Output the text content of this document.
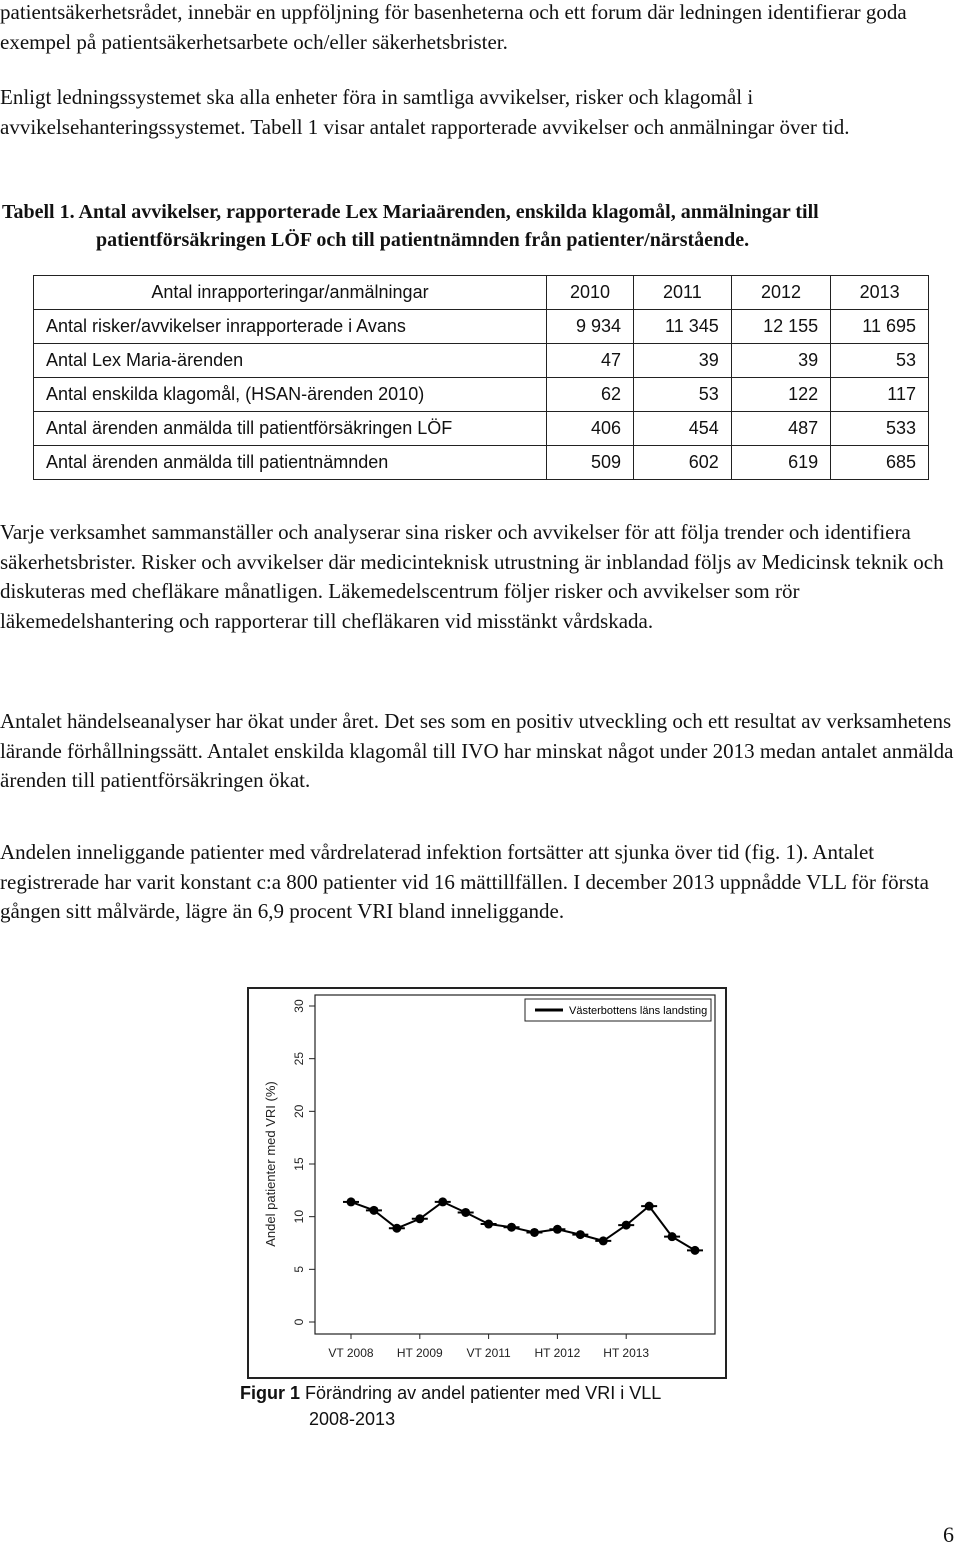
patientsäkerhetsrådet, innebär en uppföljning för basenheterna och ett forum där ledningen identifierar goda exempel på patientsäkerhetsarbete och/eller säkerhetsbrister.

Enligt ledningssystemet ska alla enheter föra in samtliga avvikelser, risker och klagomål i avvikelsehanteringssystemet. Tabell 1 visar antalet rapporterade avvikelser och anmälningar över tid.

Tabell 1. Antal avvikelser, rapporterade Lex Mariaärenden, enskilda klagomål, anmälningar till
patientförsäkringen LÖF och till patientnämnden från patienter/närstående.
Antal inrapporteringar/anmälningar	2010	2011	2012	2013
Antal risker/avvikelser inrapporterade i Avans	9 934	11 345	12 155	11 695
Antal Lex Maria-ärenden	47	39	39	53
Antal enskilda klagomål, (HSAN-ärenden 2010)	62	53	122	117
Antal ärenden anmälda till patientförsäkringen LÖF	406	454	487	533
Antal ärenden anmälda till patientnämnden	509	602	619	685

Varje verksamhet sammanställer och analyserar sina risker och avvikelser för att följa trender och identifiera säkerhetsbrister. Risker och avvikelser där medicinteknisk utrustning är inblandad följs av Medicinsk teknik och diskuteras med chefläkare månatligen. Läkemedelscentrum följer risker och avvikelser som rör läkemedelshantering och rapporterar till chefläkaren vid misstänkt vårdskada.

Antalet händelseanalyser har ökat under året. Det ses som en positiv utveckling och ett resultat av verksamhetens lärande förhållningssätt. Antalet enskilda klagomål till IVO har minskat något under 2013 medan antalet anmälda ärenden till patientförsäkringen ökat.

Andelen inneliggande patienter med vårdrelaterad infektion fortsätter att sjunka över tid (fig. 1). Antalet registrerade har varit konstant c:a 800 patienter vid 16 mättillfällen. I december 2013 uppnådde VLL för första gången sitt målvärde, lägre än 6,9 procent VRI bland inneliggande.

Västerbottens läns landsting
0
5
10
15
20
25
30
VT 2008 HT 2009 VT 2011 HT 2012 HT 2013
Andel patienter med VRI (%)
Figur 1 Förändring av andel patienter med VRI i VLL
2008-2013
6
